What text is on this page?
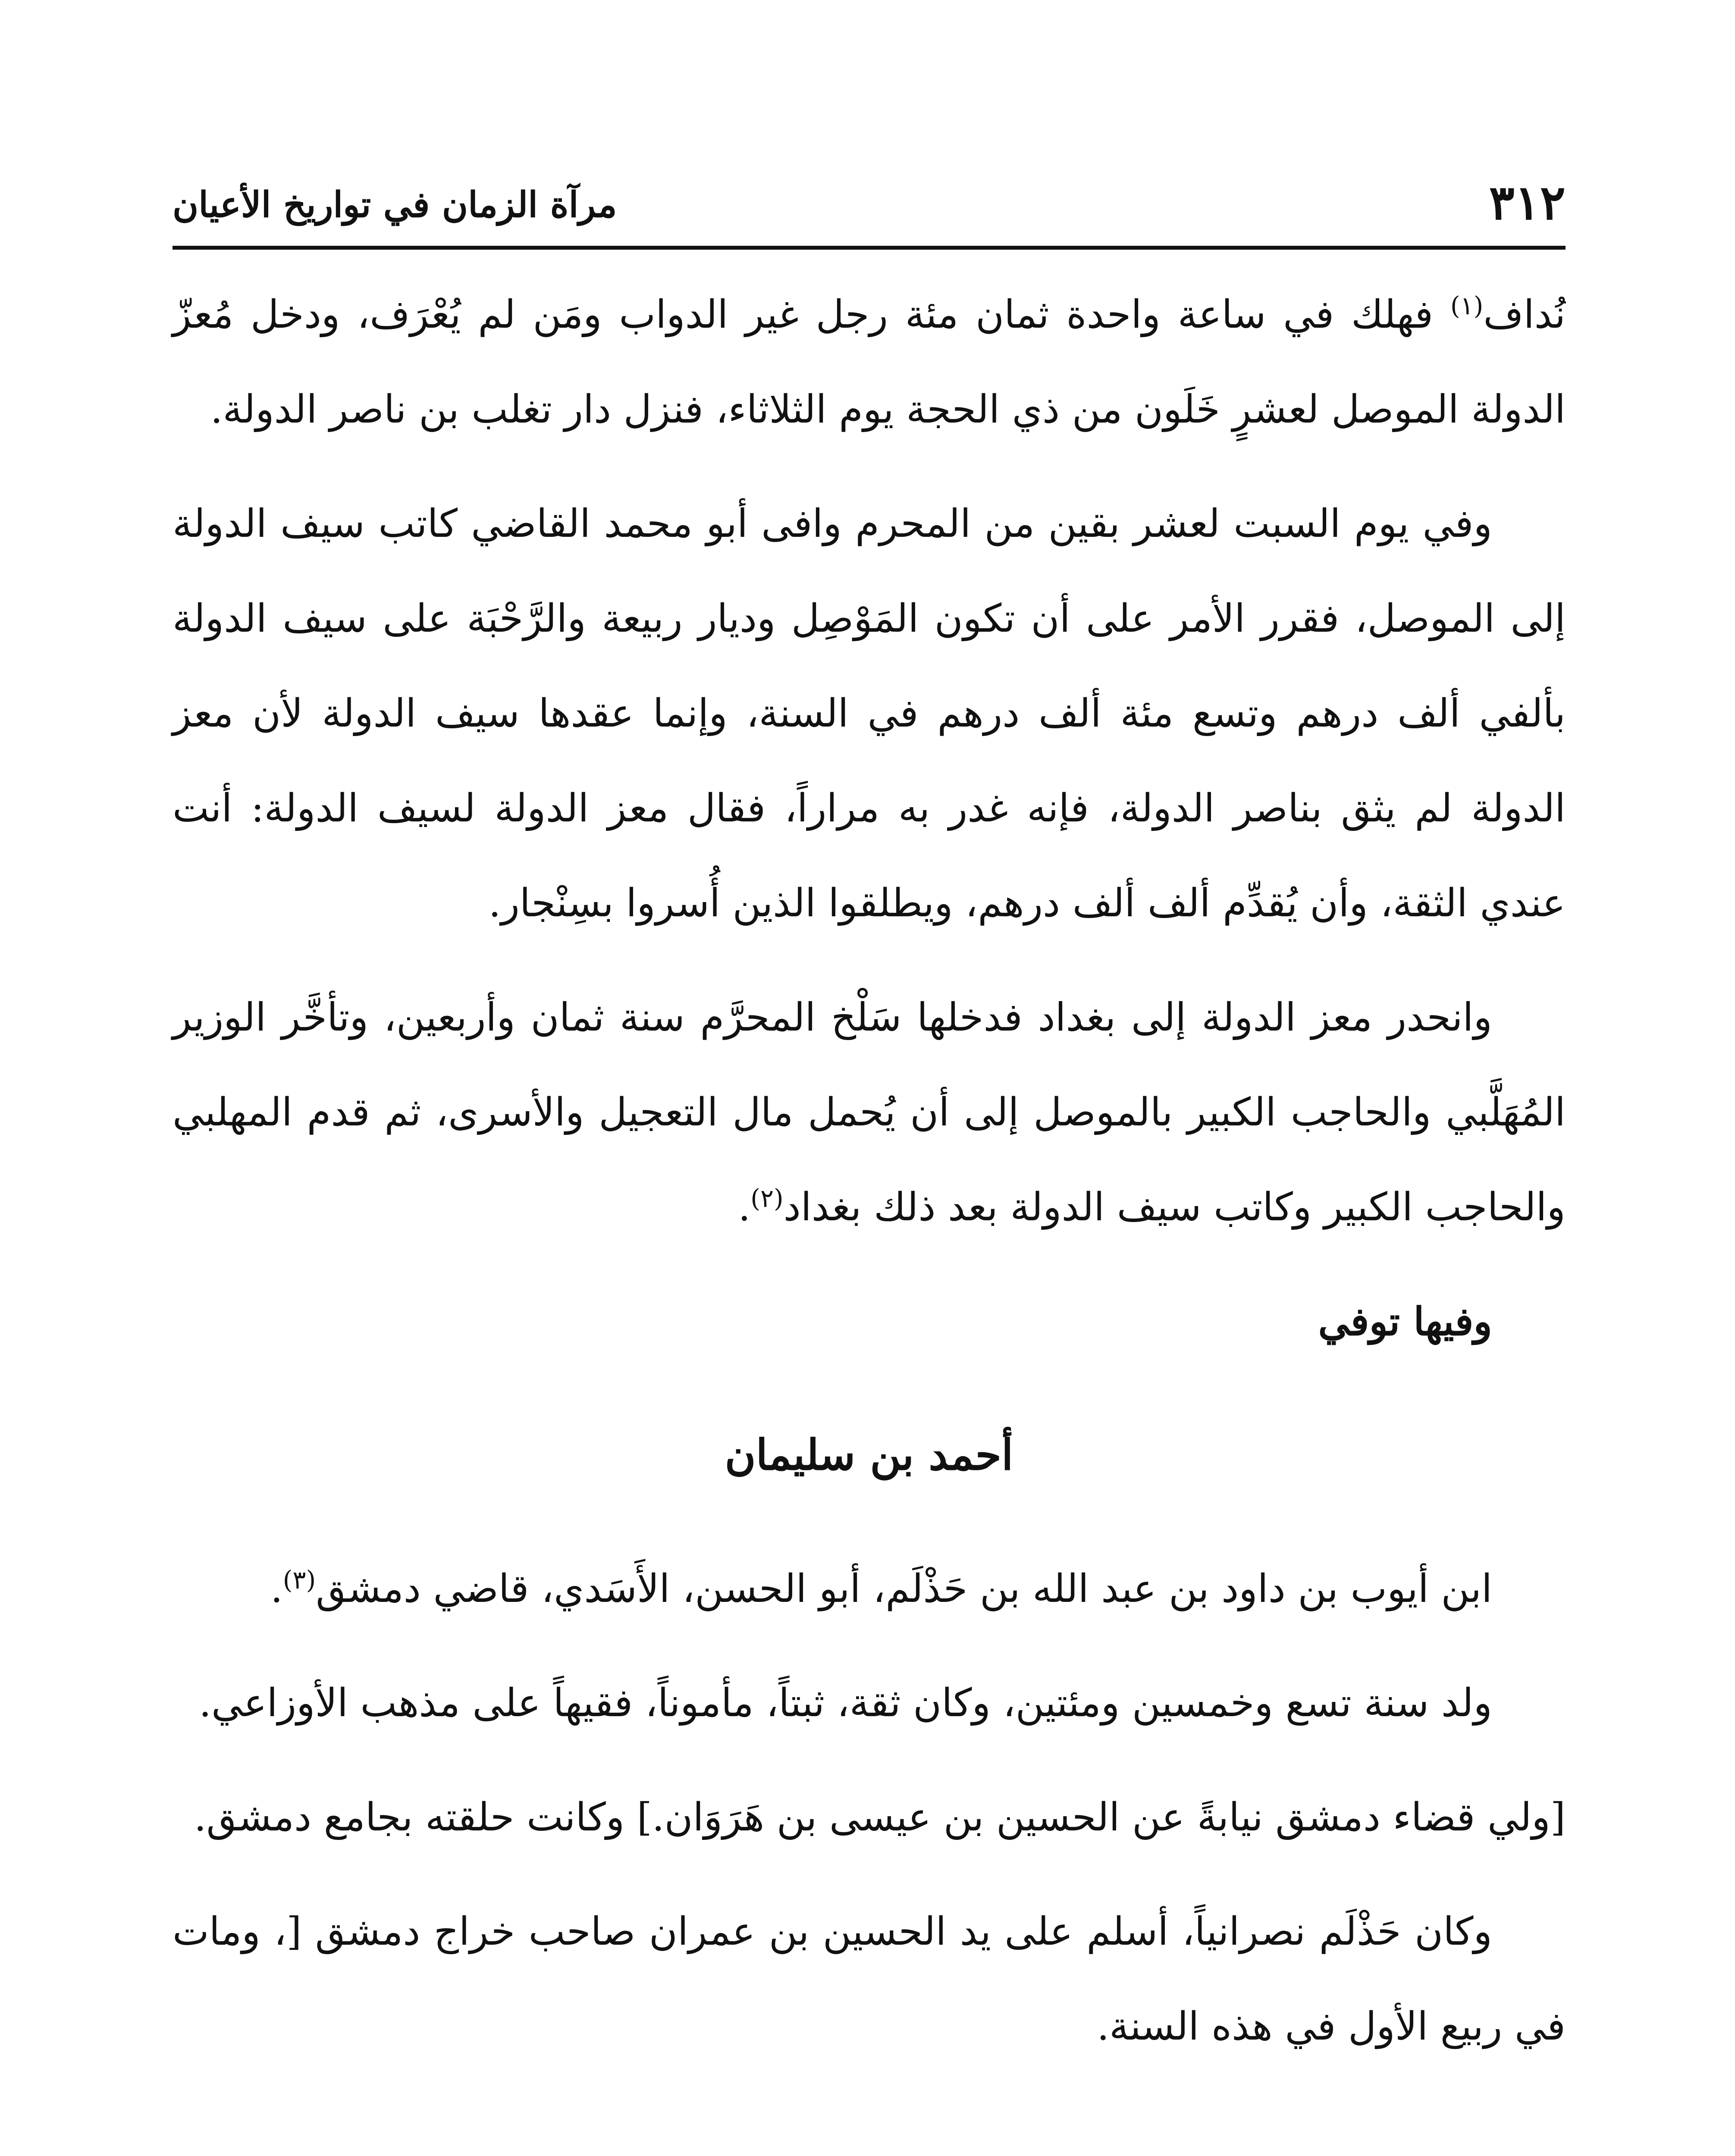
٣١٢
مرآة الزمان في تواريخ الأعيان

نُداف$^{(١)}$ فهلك في ساعة واحدة ثمان مئة رجل غير الدواب ومَن لم يُعْرَف، ودخل مُعزّ الدولة الموصل لعشرٍ خَلَون من ذي الحجة يوم الثلاثاء، فنزل دار تغلب بن ناصر الدولة.

وفي يوم السبت لعشر بقين من المحرم وافى أبو محمد القاضي كاتب سيف الدولة إلى الموصل، فقرر الأمر على أن تكون المَوْصِل وديار ربيعة والرَّحْبَة على سيف الدولة بألفي ألف درهم وتسع مئة ألف درهم في السنة، وإنما عقدها سيف الدولة لأن معز الدولة لم يثق بناصر الدولة، فإنه غدر به مراراً، فقال معز الدولة لسيف الدولة: أنت عندي الثقة، وأن يُقدِّم ألف ألف درهم، ويطلقوا الذين أُسروا بسِنْجار.

وانحدر معز الدولة إلى بغداد فدخلها سَلْخ المحرَّم سنة ثمان وأربعين، وتأخَّر الوزير المُهَلَّبي والحاجب الكبير بالموصل إلى أن يُحمل مال التعجيل والأسرى، ثم قدم المهلبي والحاجب الكبير وكاتب سيف الدولة بعد ذلك بغداد$^{(٢)}$.

وفيها توفي

أحمد بن سليمان

ابن أيوب بن داود بن عبد الله بن حَذْلَم، أبو الحسن، الأَسَدي، قاضي دمشق$^{(٣)}$.

ولد سنة تسع وخمسين ومئتين، وكان ثقة، ثبتاً، مأموناً، فقيهاً على مذهب الأوزاعي.

[ولي قضاء دمشق نيابةً عن الحسين بن عيسى بن هَرَوَان.] وكانت حلقته بجامع دمشق.

وكان حَذْلَم نصرانياً، أسلم على يد الحسين بن عمران صاحب خراج دمشق [، ومات في ربيع الأول في هذه السنة.
